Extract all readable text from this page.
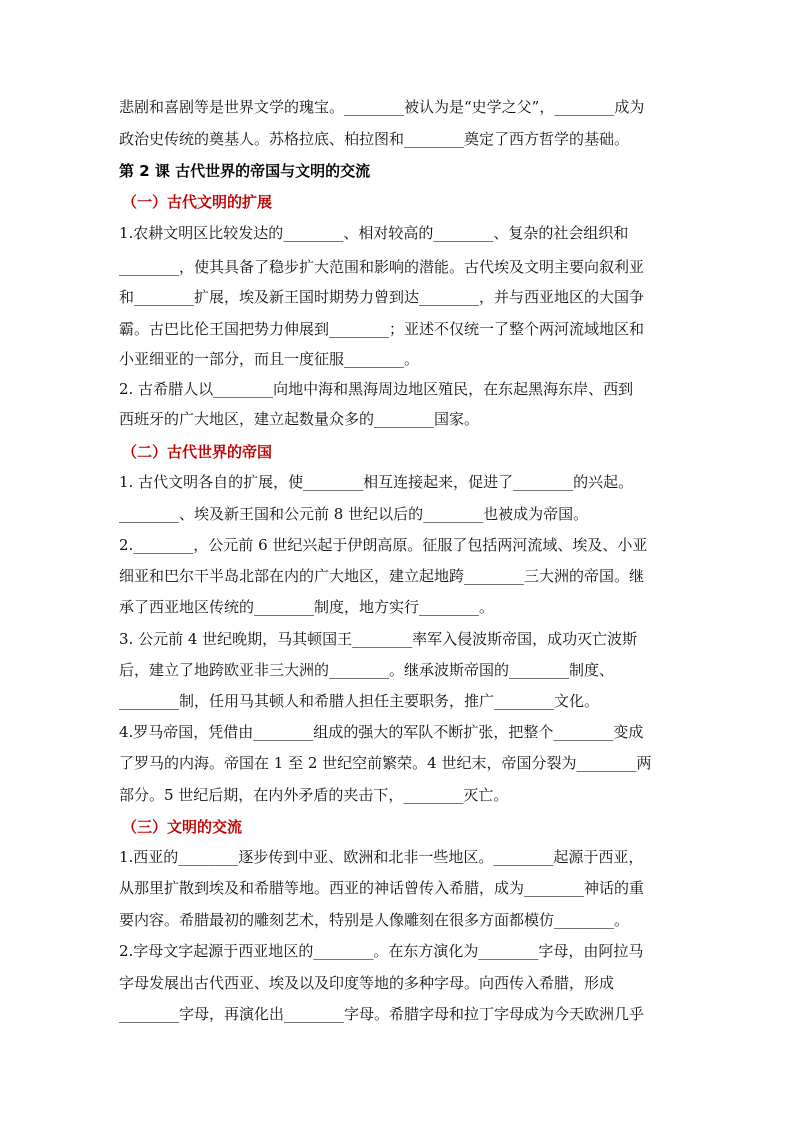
悲剧和喜剧等是世界文学的瑰宝。________被认为是“史学之父”，________成为
政治史传统的奠基人。苏格拉底、柏拉图和________奠定了西方哲学的基础。
第 2 课 古代世界的帝国与文明的交流
（一）古代文明的扩展
1.农耕文明区比较发达的________、相对较高的________、复杂的社会组织和
________，使其具备了稳步扩大范围和影响的潜能。古代埃及文明主要向叙利亚
和________扩展，埃及新王国时期势力曾到达________，并与西亚地区的大国争
霸。古巴比伦王国把势力伸展到________；亚述不仅统一了整个两河流域地区和
小亚细亚的一部分，而且一度征服________。
2. 古希腊人以________向地中海和黑海周边地区殖民，在东起黑海东岸、西到
西班牙的广大地区，建立起数量众多的________国家。
（二）古代世界的帝国
1. 古代文明各自的扩展，使________相互连接起来，促进了________的兴起。
________、埃及新王国和公元前 8 世纪以后的________也被成为帝国。
2.________，公元前 6 世纪兴起于伊朗高原。征服了包括两河流域、埃及、小亚
细亚和巴尔干半岛北部在内的广大地区，建立起地跨________三大洲的帝国。继
承了西亚地区传统的________制度，地方实行________。
3. 公元前 4 世纪晚期，马其顿国王________率军入侵波斯帝国，成功灭亡波斯
后，建立了地跨欧亚非三大洲的________。继承波斯帝国的________制度、
________制，任用马其顿人和希腊人担任主要职务，推广________文化。
4.罗马帝国，凭借由________组成的强大的军队不断扩张，把整个________变成
了罗马的内海。帝国在 1 至 2 世纪空前繁荣。4 世纪末，帝国分裂为________两
部分。5 世纪后期，在内外矛盾的夹击下，________灭亡。
（三）文明的交流
1.西亚的________逐步传到中亚、欧洲和北非一些地区。________起源于西亚，
从那里扩散到埃及和希腊等地。西亚的神话曾传入希腊，成为________神话的重
要内容。希腊最初的雕刻艺术，特别是人像雕刻在很多方面都模仿________。
2.字母文字起源于西亚地区的________。在东方演化为________字母，由阿拉马
字母发展出古代西亚、埃及以及印度等地的多种字母。向西传入希腊，形成
________字母，再演化出________字母。希腊字母和拉丁字母成为今天欧洲几乎
